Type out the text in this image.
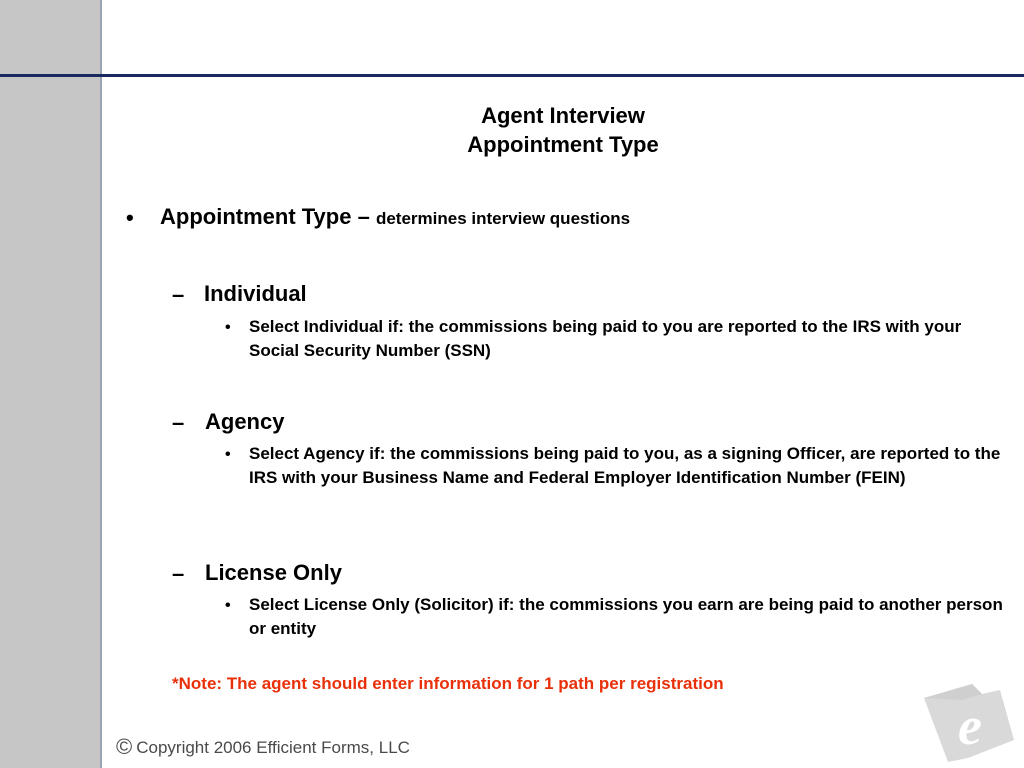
Agent Interview
Appointment Type
• Appointment Type – determines interview questions
– Individual
• Select Individual if: the commissions being paid to you are reported to the IRS with your Social Security Number (SSN)
– Agency
• Select Agency if: the commissions being paid to you, as a signing Officer, are reported to the IRS with your Business Name and Federal Employer Identification Number (FEIN)
– License Only
• Select License Only (Solicitor) if: the commissions you earn are being paid to another person or entity
*Note: The agent should enter information for 1 path per registration
© Copyright 2006 Efficient Forms, LLC	e
